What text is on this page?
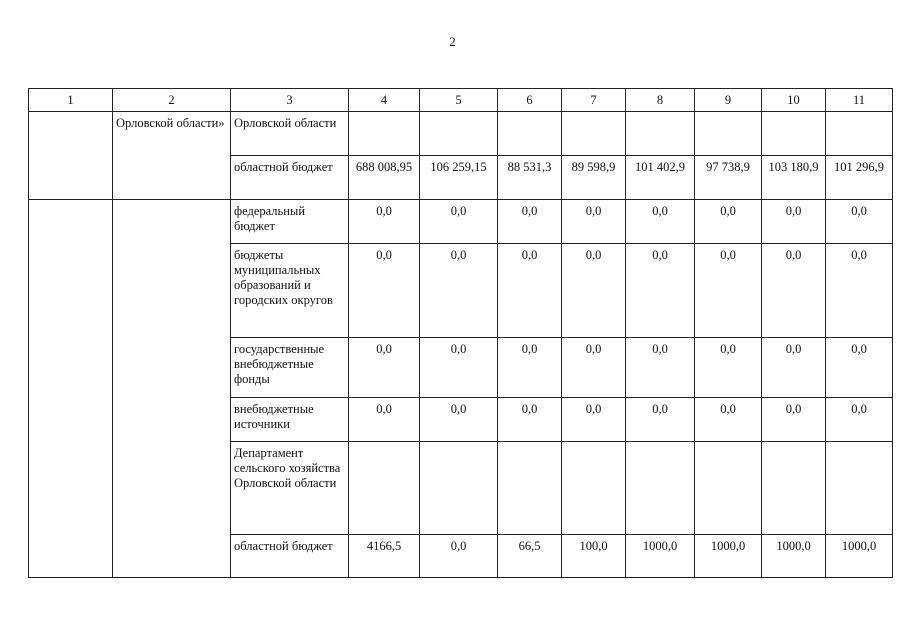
2
1	2	3	4	5	6	7	8	9	10	11
	Орловской области»	Орловской области								
		областной бюджет	688 008,95	106 259,15	88 531,3	89 598,9	101 402,9	97 738,9	103 180,9	101 296,9
		федеральный бюджет	0,0	0,0	0,0	0,0	0,0	0,0	0,0	0,0
		бюджеты муниципальных образований и городских округов	0,0	0,0	0,0	0,0	0,0	0,0	0,0	0,0
		государственные внебюджетные фонды	0,0	0,0	0,0	0,0	0,0	0,0	0,0	0,0
		внебюджетные источники	0,0	0,0	0,0	0,0	0,0	0,0	0,0	0,0
		Департамент сельского хозяйства Орловской области								
		областной бюджет	4166,5	0,0	66,5	100,0	1000,0	1000,0	1000,0	1000,0
